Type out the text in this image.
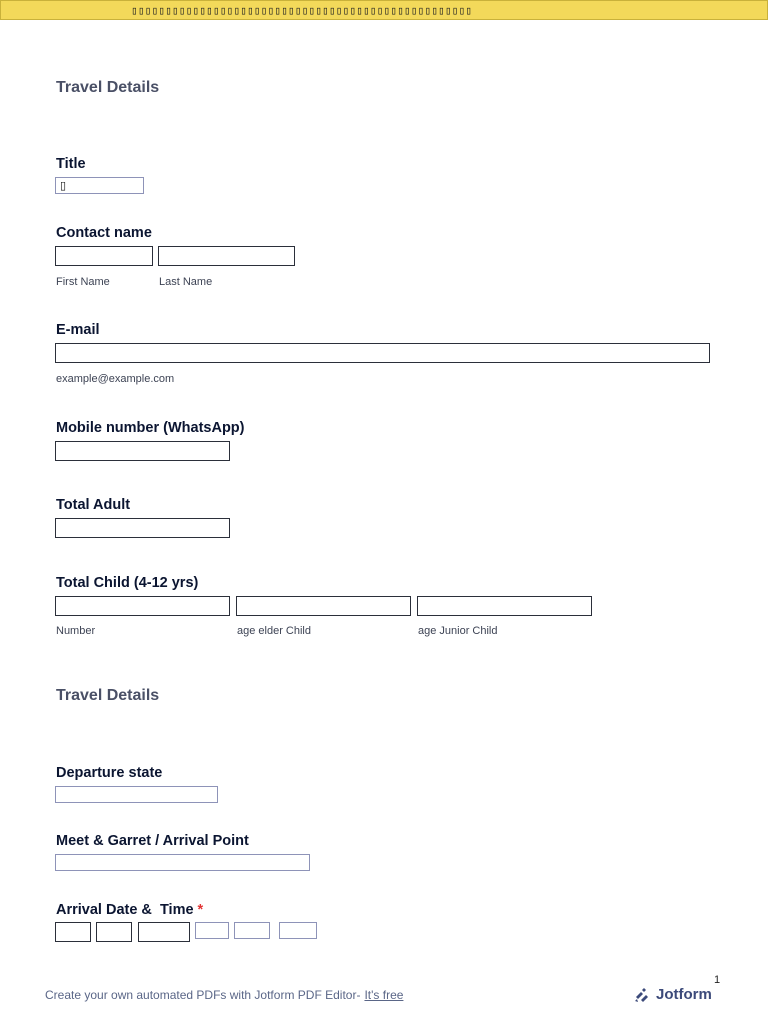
▯▯▯▯▯▯▯▯▯▯▯▯▯▯▯▯▯▯▯▯▯▯▯▯▯▯▯▯▯▯▯▯▯▯▯▯▯▯▯▯▯▯▯▯▯▯▯▯▯▯
Travel Details
Title
▯
Contact name
First Name	Last Name
E-mail
example@example.com
Mobile number (WhatsApp)
Total Adult
Total Child (4-12 yrs)
Number	age elder Child	age Junior Child
Travel Details
Departure state
Meet & Garret / Arrival Point
Arrival Date &  Time *
Create your own automated PDFs with Jotform PDF Editor- It's free
1
Jotform
